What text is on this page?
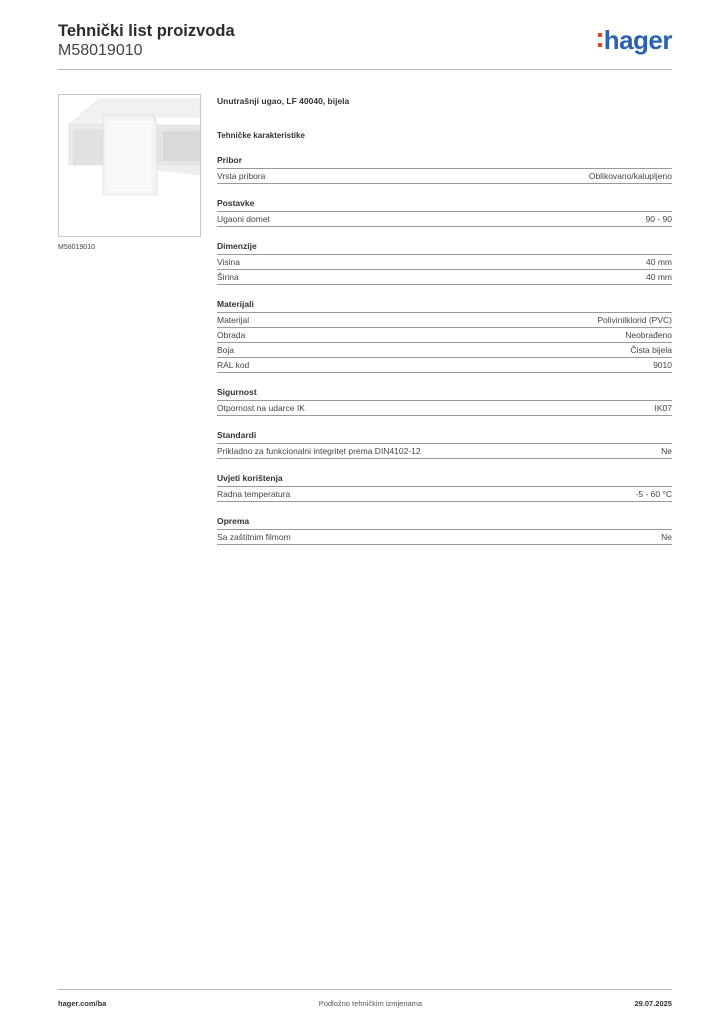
Tehnički list proizvoda
M58019010	hager
M58019010
Unutrašnji ugao, LF 40040, bijela
Tehničke karakteristike
Pribor
Vrsta pribora	Oblikovano/kalupljeno
Postavke
Ugaoni domet	90 - 90
Dimenzije
Visina	40 mm
Širina	40 mm
Materijali
Materijal	Polivinilklorid (PVC)
Obrada	Neobrađeno
Boja	Čista bijela
RAL kod	9010
Sigurnost
Otpornost na udarce IK	IK07
Standardi
Prikladno za funkcionalni integritet prema DIN4102-12	Ne
Uvjeti korištenja
Radna temperatura	-5 - 60 °C
Oprema
Sa zaštitnim filmom	Ne
hager.com/ba	Podložno tehničkim izmjenama	29.07.2025
